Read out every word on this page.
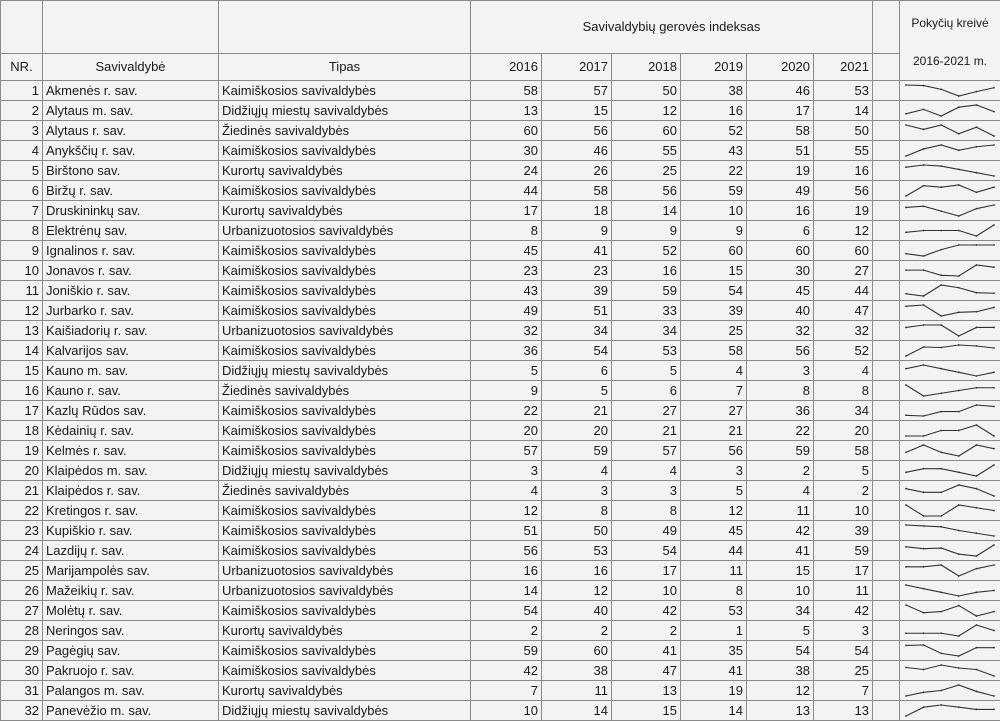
			Savivaldybių gerovės indeksas							Pokyčių kreivė
2016-2021 m.

NR.	Savivaldybė	Tipas	2016	2017	2018	2019	2020	2021		
1	Akmenės r. sav.	Kaimiškosios savivaldybės	58	57	50	38	46	53		

2	Alytaus m. sav.	Didžiųjų miestų savivaldybės	13	15	12	16	17	14		

3	Alytaus r. sav.	Žiedinės savivaldybės	60	56	60	52	58	50		

4	Anykščių r. sav.	Kaimiškosios savivaldybės	30	46	55	43	51	55		

5	Birštono sav.	Kurortų savivaldybės	24	26	25	22	19	16		

6	Biržų r. sav.	Kaimiškosios savivaldybės	44	58	56	59	49	56		

7	Druskininkų sav.	Kurortų savivaldybės	17	18	14	10	16	19		

8	Elektrėnų sav.	Urbanizuotosios savivaldybės	8	9	9	9	6	12		

9	Ignalinos r. sav.	Kaimiškosios savivaldybės	45	41	52	60	60	60		

10	Jonavos r. sav.	Kaimiškosios savivaldybės	23	23	16	15	30	27		

11	Joniškio r. sav.	Kaimiškosios savivaldybės	43	39	59	54	45	44		

12	Jurbarko r. sav.	Kaimiškosios savivaldybės	49	51	33	39	40	47		

13	Kaišiadorių r. sav.	Urbanizuotosios savivaldybės	32	34	34	25	32	32		

14	Kalvarijos sav.	Kaimiškosios savivaldybės	36	54	53	58	56	52		

15	Kauno m. sav.	Didžiųjų miestų savivaldybės	5	6	5	4	3	4		

16	Kauno r. sav.	Žiedinės savivaldybės	9	5	6	7	8	8		

17	Kazlų Rūdos sav.	Kaimiškosios savivaldybės	22	21	27	27	36	34		

18	Kėdainių r. sav.	Kaimiškosios savivaldybės	20	20	21	21	22	20		

19	Kelmės r. sav.	Kaimiškosios savivaldybės	57	59	57	56	59	58		

20	Klaipėdos m. sav.	Didžiųjų miestų savivaldybės	3	4	4	3	2	5		

21	Klaipėdos r. sav.	Žiedinės savivaldybės	4	3	3	5	4	2		

22	Kretingos r. sav.	Kaimiškosios savivaldybės	12	8	8	12	11	10		

23	Kupiškio r. sav.	Kaimiškosios savivaldybės	51	50	49	45	42	39		

24	Lazdijų r. sav.	Kaimiškosios savivaldybės	56	53	54	44	41	59		

25	Marijampolės sav.	Urbanizuotosios savivaldybės	16	16	17	11	15	17		

26	Mažeikių r. sav.	Urbanizuotosios savivaldybės	14	12	10	8	10	11		

27	Molėtų r. sav.	Kaimiškosios savivaldybės	54	40	42	53	34	42		

28	Neringos sav.	Kurortų savivaldybės	2	2	2	1	5	3		

29	Pagėgių sav.	Kaimiškosios savivaldybės	59	60	41	35	54	54		

30	Pakruojo r. sav.	Kaimiškosios savivaldybės	42	38	47	41	38	25		

31	Palangos m. sav.	Kurortų savivaldybės	7	11	13	19	12	7		

32	Panevėžio m. sav.	Didžiųjų miestų savivaldybės	10	14	15	14	13	13		
